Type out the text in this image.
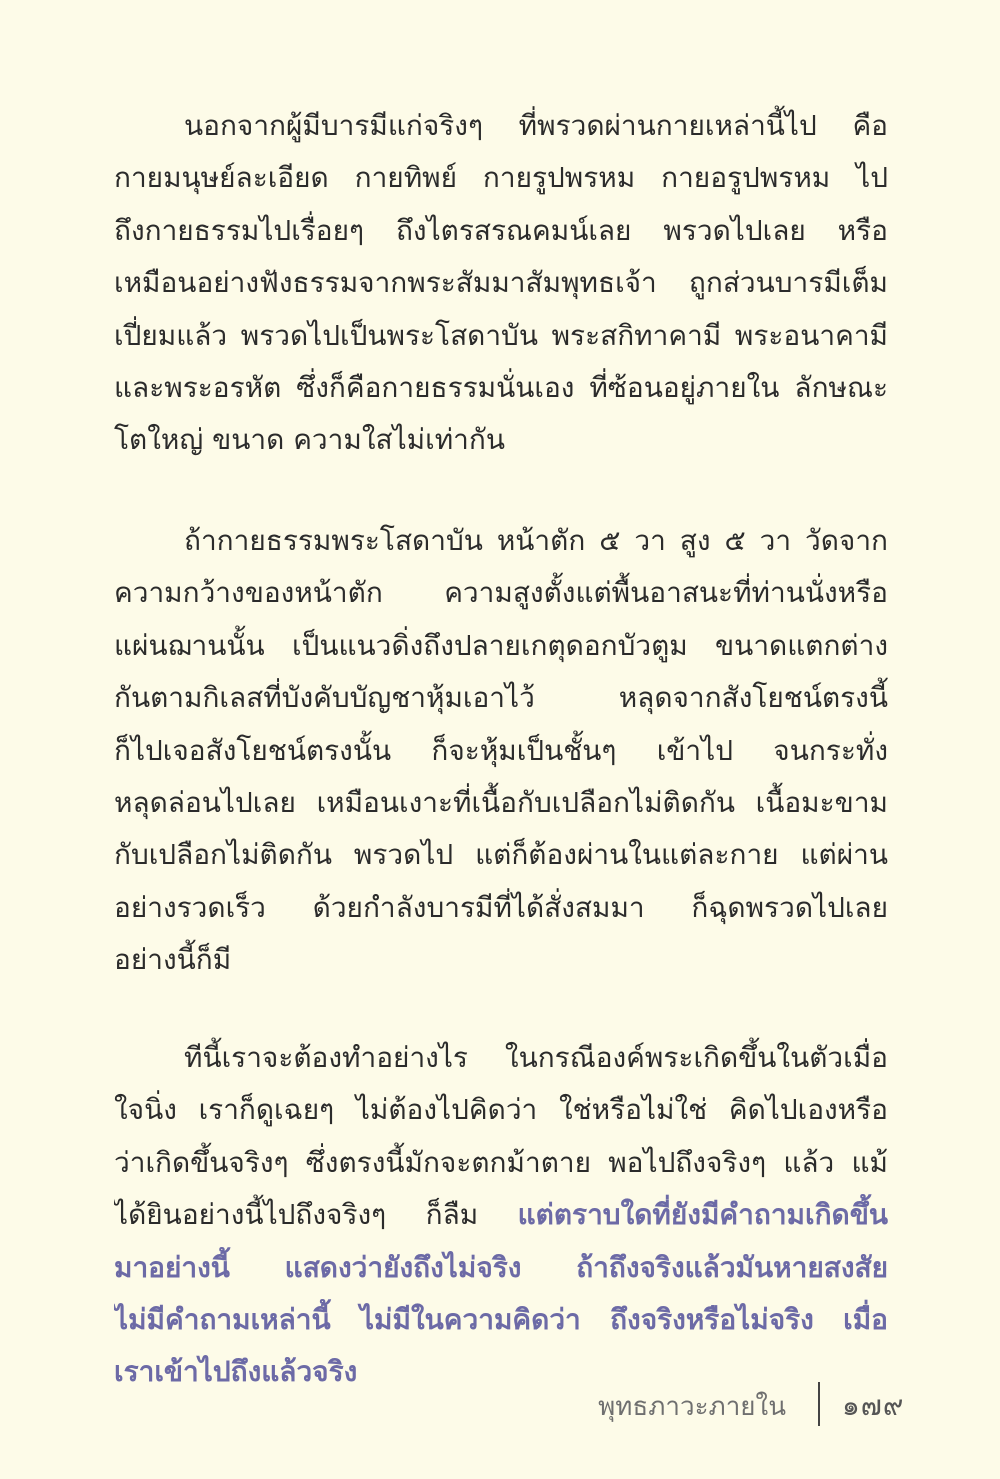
นอกจากผู้มีบารมีแก่จริงๆ ที่พรวดผ่านกายเหล่านี้ไป คือ
กายมนุษย์ละเอียด กายทิพย์ กายรูปพรหม กายอรูปพรหม ไป
ถึงกายธรรมไปเรื่อยๆ ถึงไตรสรณคมน์เลย พรวดไปเลย หรือ
เหมือนอย่างฟังธรรมจากพระสัมมาสัมพุทธเจ้า ถูกส่วนบารมีเต็ม
เปี่ยมแล้ว พรวดไปเป็นพระโสดาบัน พระสกิทาคามี พระอนาคามี
และพระอรหัต ซึ่งก็คือกายธรรมนั่นเอง ที่ซ้อนอยู่ภายใน ลักษณะ
โตใหญ่ ขนาด ความใสไม่เท่ากัน
ถ้ากายธรรมพระโสดาบัน หน้าตัก ๕ วา สูง ๕ วา วัดจาก
ความกว้างของหน้าตัก ความสูงตั้งแต่พื้นอาสนะที่ท่านนั่งหรือ
แผ่นฌานนั้น เป็นแนวดิ่งถึงปลายเกตุดอกบัวตูม ขนาดแตกต่าง
กันตามกิเลสที่บังคับบัญชาหุ้มเอาไว้ หลุดจากสังโยชน์ตรงนี้
ก็ไปเจอสังโยชน์ตรงนั้น ก็จะหุ้มเป็นชั้นๆ เข้าไป จนกระทั่ง
หลุดล่อนไปเลย เหมือนเงาะที่เนื้อกับเปลือกไม่ติดกัน เนื้อมะขาม
กับเปลือกไม่ติดกัน พรวดไป แต่ก็ต้องผ่านในแต่ละกาย แต่ผ่าน
อย่างรวดเร็ว ด้วยกำลังบารมีที่ได้สั่งสมมา ก็ฉุดพรวดไปเลย
อย่างนี้ก็มี
ทีนี้เราจะต้องทำอย่างไร ในกรณีองค์พระเกิดขึ้นในตัวเมื่อ
ใจนิ่ง เราก็ดูเฉยๆ ไม่ต้องไปคิดว่า ใช่หรือไม่ใช่ คิดไปเองหรือ
ว่าเกิดขึ้นจริงๆ ซึ่งตรงนี้มักจะตกม้าตาย พอไปถึงจริงๆ แล้ว แม้
ได้ยินอย่างนี้ไปถึงจริงๆ ก็ลืม แต่ตราบใดที่ยังมีคำถามเกิดขึ้น
มาอย่างนี้ แสดงว่ายังถึงไม่จริง ถ้าถึงจริงแล้วมันหายสงสัย
ไม่มีคำถามเหล่านี้ ไม่มีในความคิดว่า ถึงจริงหรือไม่จริง เมื่อ
เราเข้าไปถึงแล้วจริง
พุทธภาวะภายใน ๑๗๙
